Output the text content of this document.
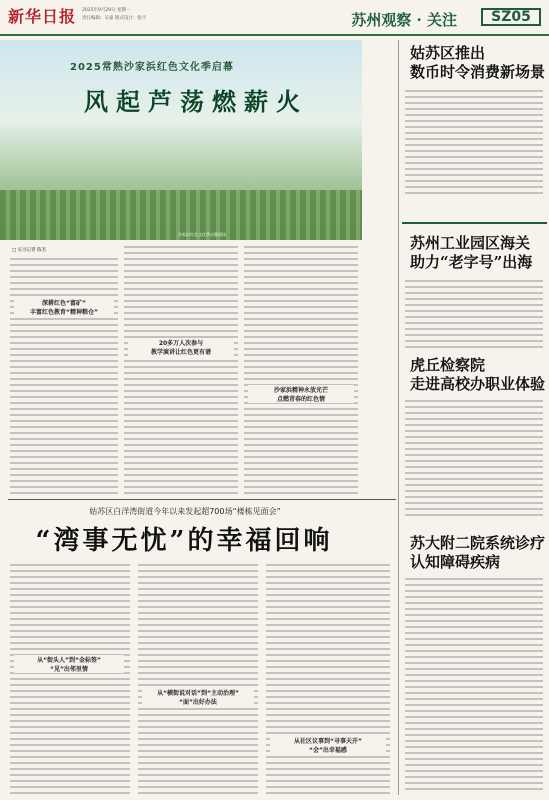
新华日报 2025年9月29日 星期一
责任编辑：吴嘉 版式设计：张宇	苏州观察 · 关注	SZ05
2025常熟沙家浜红色文化季启幕
风起芦荡燃薪火
沙家浜红色文化季启幕现场
□ 实习记者 陈杰
深耕红色“富矿”
丰富红色教育“精神粮仓”
20多万人次参与
教学演讲让红色更有谱
沙家浜精神永放光芒
点燃青春的红色情
姑苏区白洋湾街道今年以来发起超700场“楼栋见面会”
“湾事无忧”的幸福回响
从“街头人”到“金标签”
“见”出邻里情
从“横街说对话”到“主动治理”
“面”出好办法
从社区议事到“寻事天开”
“会”出幸福感
姑苏区推出
数币时令消费新场景
苏州工业园区海关
助力“老字号”出海
虎丘检察院
走进高校办职业体验
苏大附二院系统诊疗
认知障碍疾病
